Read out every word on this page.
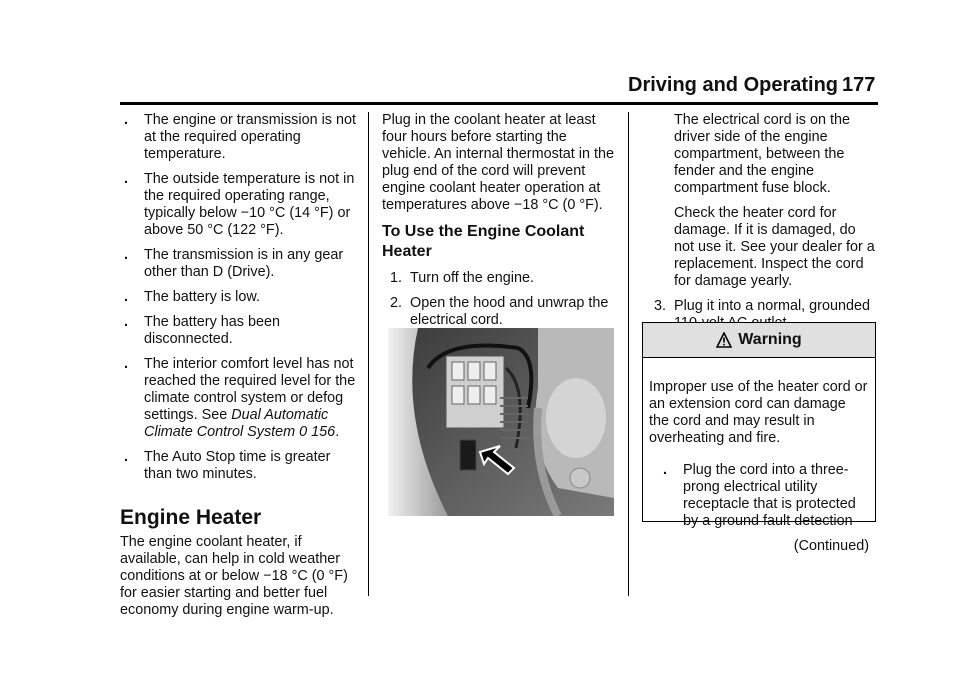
Driving and Operating 177
. The engine or transmission is not at the required operating temperature.
. The outside temperature is not in the required operating range, typically below −10 °C (14 °F) or above 50 °C (122 °F).
. The transmission is in any gear other than D (Drive).
. The battery is low.
. The battery has been disconnected.
. The interior comfort level has not reached the required level for the climate control system or defog settings. See Dual Automatic Climate Control System 0 156.
. The Auto Stop time is greater than two minutes.
Engine Heater

The engine coolant heater, if available, can help in cold weather conditions at or below −18 °C (0 °F) for easier starting and better fuel economy during engine warm-up.

Plug in the coolant heater at least four hours before starting the vehicle. An internal thermostat in the plug end of the cord will prevent engine coolant heater operation at temperatures above −18 °C (0 °F).

To Use the Engine Coolant Heater
1. Turn off the engine.
2. Open the hood and unwrap the electrical cord.

The electrical cord is on the driver side of the engine compartment, between the fender and the engine compartment fuse block.

Check the heater cord for damage. If it is damaged, do not use it. See your dealer for a replacement. Inspect the cord for damage yearly.

3. Plug it into a normal, grounded
Warning

Improper use of the heater cord or an extension cord can damage the cord and may result in overheating and fire.

. Plug the cord into a three-prong electrical utility receptacle that is protected by a ground fault detection
(Continued)
